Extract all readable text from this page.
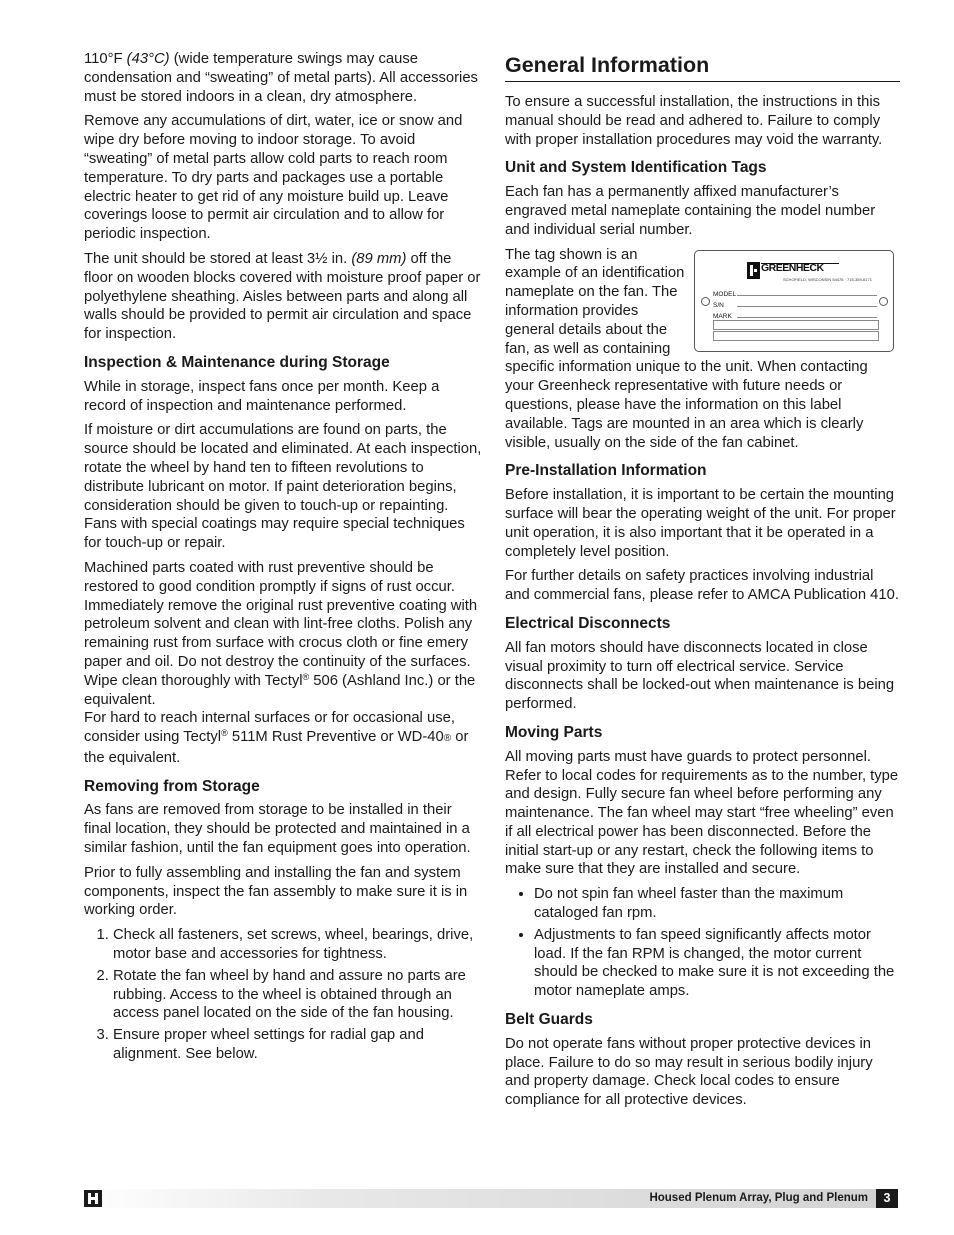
110°F (43°C) (wide temperature swings may cause condensation and “sweating” of metal parts). All accessories must be stored indoors in a clean, dry atmosphere.

Remove any accumulations of dirt, water, ice or snow and wipe dry before moving to indoor storage. To avoid “sweating” of metal parts allow cold parts to reach room temperature. To dry parts and packages use a portable electric heater to get rid of any moisture build up. Leave coverings loose to permit air circulation and to allow for periodic inspection.

The unit should be stored at least 3½ in. (89 mm) off the floor on wooden blocks covered with moisture proof paper or polyethylene sheathing. Aisles between parts and along all walls should be provided to permit air circulation and space for inspection.

Inspection & Maintenance during Storage

While in storage, inspect fans once per month. Keep a record of inspection and maintenance performed.

If moisture or dirt accumulations are found on parts, the source should be located and eliminated. At each inspection, rotate the wheel by hand ten to fifteen revolutions to distribute lubricant on motor. If paint deterioration begins, consideration should be given to touch-up or repainting. Fans with special coatings may require special techniques for touch-up or repair.

Machined parts coated with rust preventive should be restored to good condition promptly if signs of rust occur. Immediately remove the original rust preventive coating with petroleum solvent and clean with lint-free cloths. Polish any remaining rust from surface with crocus cloth or fine emery paper and oil. Do not destroy the continuity of the surfaces. Wipe clean thoroughly with Tectyl® 506 (Ashland Inc.) or the equivalent.
For hard to reach internal surfaces or for occasional use, consider using Tectyl® 511M Rust Preventive or WD-40® or the equivalent.

Removing from Storage

As fans are removed from storage to be installed in their final location, they should be protected and maintained in a similar fashion, until the fan equipment goes into operation.

Prior to fully assembling and installing the fan and system components, inspect the fan assembly to make sure it is in working order.

1. Check all fasteners, set screws, wheel, bearings, drive, motor base and accessories for tightness.
2. Rotate the fan wheel by hand and assure no parts are rubbing. Access to the wheel is obtained through an access panel located on the side of the fan housing.
3. Ensure proper wheel settings for radial gap and alignment. See below.
General Information

To ensure a successful installation, the instructions in this manual should be read and adhered to. Failure to comply with proper installation procedures may void the warranty.

Unit and System Identification Tags

Each fan has a permanently affixed manufacturer’s engraved metal nameplate containing the model number and individual serial number.

GREENHECK
SCHOFIELD, WISCONSIN 54476 · 715-359-6171
MODEL
S/N
MARK

The tag shown is an example of an identification nameplate on the fan. The information provides general details about the fan, as well as containing specific information unique to the unit. When contacting your Greenheck representative with future needs or questions, please have the information on this label available. Tags are mounted in an area which is clearly visible, usually on the side of the fan cabinet.

Pre-Installation Information

Before installation, it is important to be certain the mounting surface will bear the operating weight of the unit. For proper unit operation, it is also important that it be operated in a completely level position.

For further details on safety practices involving industrial and commercial fans, please refer to AMCA Publication 410.

Electrical Disconnects

All fan motors should have disconnects located in close visual proximity to turn off electrical service. Service disconnects shall be locked-out when maintenance is being performed.

Moving Parts

All moving parts must have guards to protect personnel. Refer to local codes for requirements as to the number, type and design. Fully secure fan wheel before performing any maintenance. The fan wheel may start “free wheeling” even if all electrical power has been disconnected. Before the initial start-up or any restart, check the following items to make sure that they are installed and secure.

• Do not spin fan wheel faster than the maximum cataloged fan rpm.
• Adjustments to fan speed significantly affects motor load. If the fan RPM is changed, the motor current should be checked to make sure it is not exceeding the motor nameplate amps.

Belt Guards

Do not operate fans without proper protective devices in place. Failure to do so may result in serious bodily injury and property damage. Check local codes to ensure compliance for all protective devices.

Housed Plenum Array, Plug and Plenum	3
